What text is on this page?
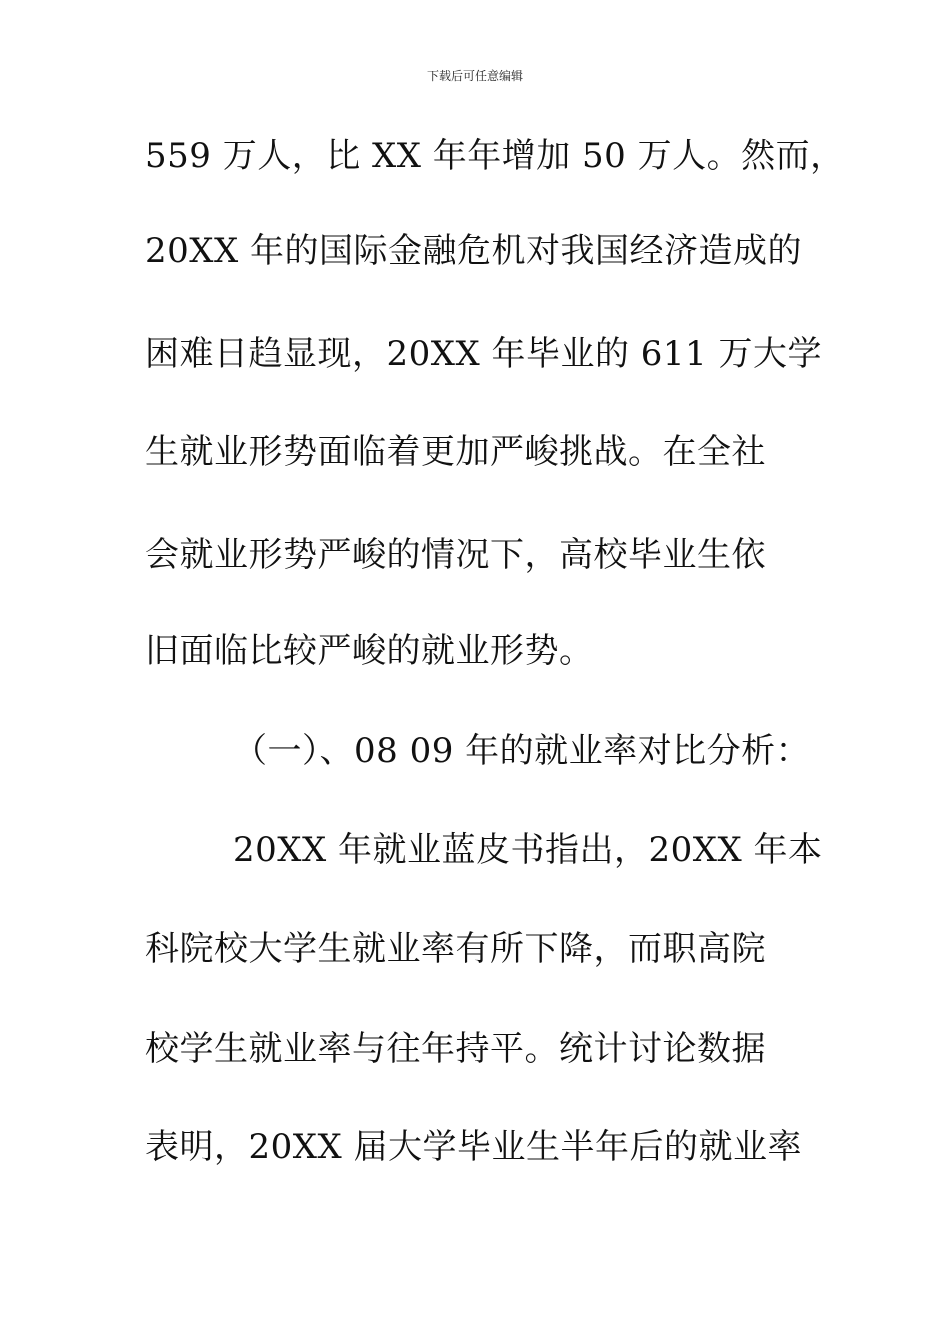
下载后可任意编辑
559 万人，比 XX 年年增加 50 万人。然而，
20XX 年的国际金融危机对我国经济造成的
困难日趋显现，20XX 年毕业的 611 万大学
生就业形势面临着更加严峻挑战。在全社
会就业形势严峻的情况下，高校毕业生依
旧面临比较严峻的就业形势。
（一）、08 09 年的就业率对比分析：
20XX 年就业蓝皮书指出，20XX 年本
科院校大学生就业率有所下降，而职高院
校学生就业率与往年持平。统计讨论数据
表明，20XX 届大学毕业生半年后的就业率
